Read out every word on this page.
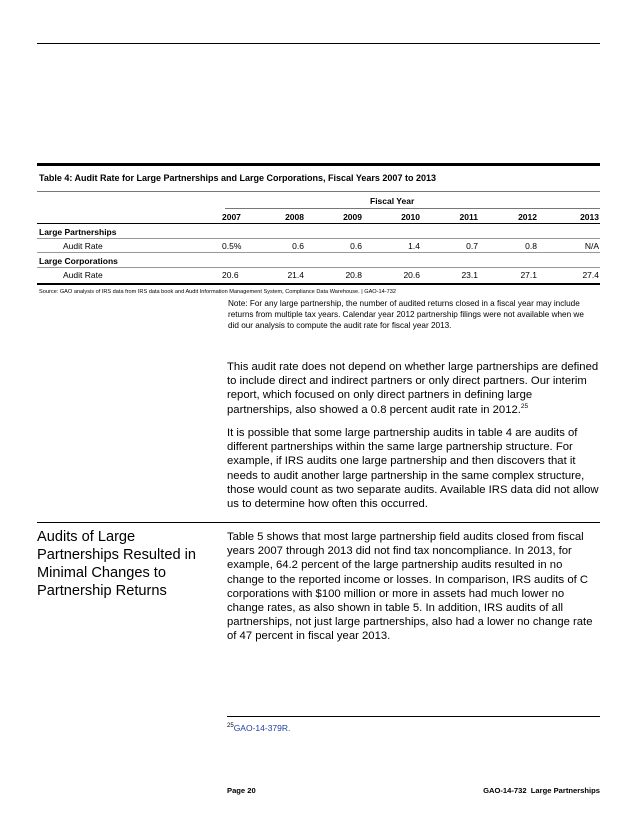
Table 4: Audit Rate for Large Partnerships and Large Corporations, Fiscal Years 2007 to 2013
Fiscal Year
2007	2008	2009	2010	2011	2012	2013
Large Partnerships
Audit Rate	0.5%	0.6	0.6	1.4	0.7	0.8	N/A
Large Corporations
Audit Rate	20.6	21.4	20.8	20.6	23.1	27.1	27.4
Source: GAO analysis of IRS data from IRS data book and Audit Information Management System, Compliance Data Warehouse. | GAO-14-732
Note: For any large partnership, the number of audited returns closed in a fiscal year may include returns from multiple tax years. Calendar year 2012 partnership filings were not available when we did our analysis to compute the audit rate for fiscal year 2013.
This audit rate does not depend on whether large partnerships are defined to include direct and indirect partners or only direct partners. Our interim report, which focused on only direct partners in defining large partnerships, also showed a 0.8 percent audit rate in 2012.25
It is possible that some large partnership audits in table 4 are audits of different partnerships within the same large partnership structure. For example, if IRS audits one large partnership and then discovers that it needs to audit another large partnership in the same complex structure, those would count as two separate audits. Available IRS data did not allow us to determine how often this occurred.
Audits of Large Partnerships Resulted in Minimal Changes to Partnership Returns
Table 5 shows that most large partnership field audits closed from fiscal years 2007 through 2013 did not find tax noncompliance. In 2013, for example, 64.2 percent of the large partnership audits resulted in no change to the reported income or losses. In comparison, IRS audits of C corporations with $100 million or more in assets had much lower no change rates, as also shown in table 5. In addition, IRS audits of all partnerships, not just large partnerships, also had a lower no change rate of 47 percent in fiscal year 2013.
$^{25}$GAO-14-379R.
Page 20	GAO-14-732  Large Partnerships
